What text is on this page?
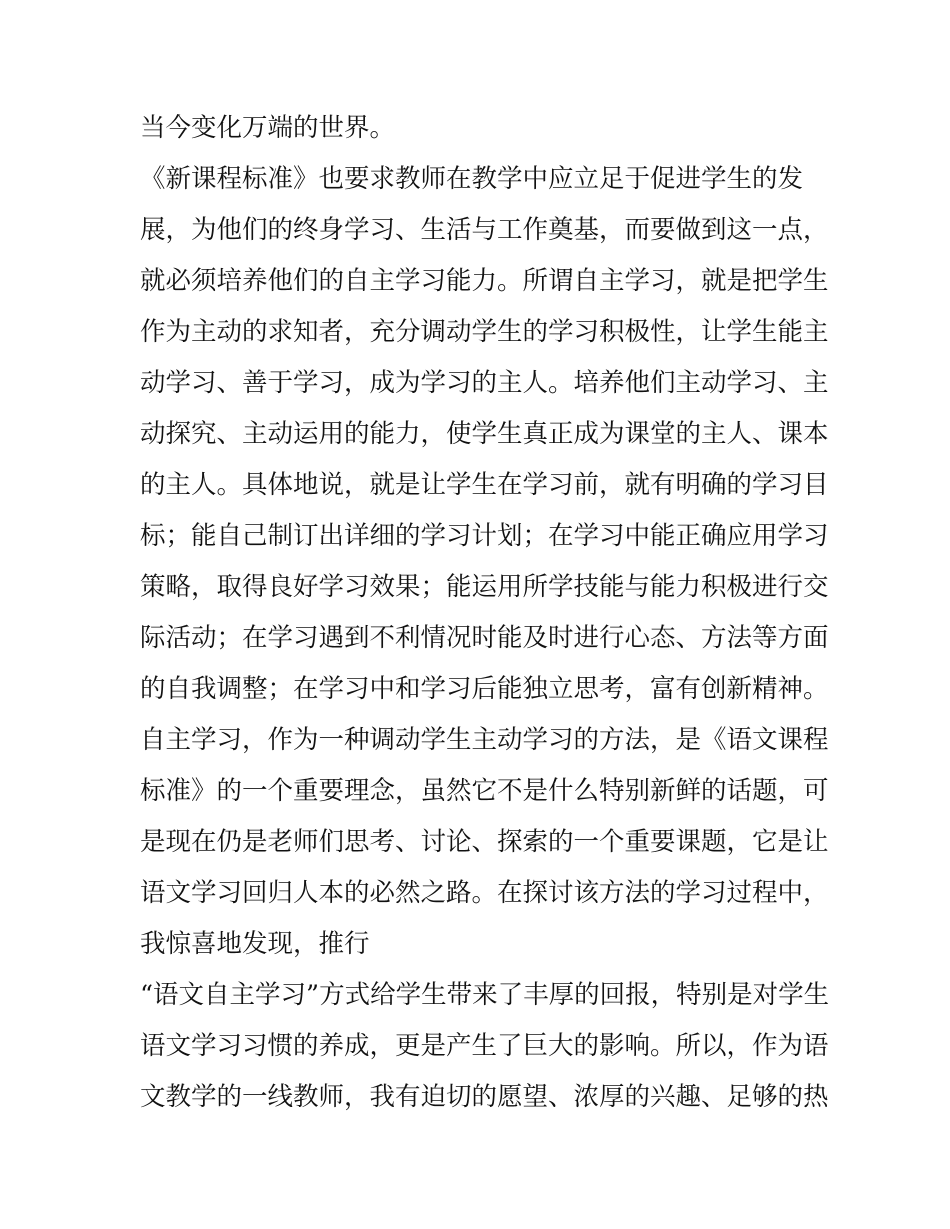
当今变化万端的世界。
《新课程标准》也要求教师在教学中应立足于促进学生的发
展，为他们的终身学习、生活与工作奠基，而要做到这一点，
就必须培养他们的自主学习能力。所谓自主学习，就是把学生
作为主动的求知者，充分调动学生的学习积极性，让学生能主
动学习、善于学习，成为学习的主人。培养他们主动学习、主
动探究、主动运用的能力，使学生真正成为课堂的主人、课本
的主人。具体地说，就是让学生在学习前，就有明确的学习目
标；能自己制订出详细的学习计划；在学习中能正确应用学习
策略，取得良好学习效果；能运用所学技能与能力积极进行交
际活动；在学习遇到不利情况时能及时进行心态、方法等方面
的自我调整；在学习中和学习后能独立思考，富有创新精神。
自主学习，作为一种调动学生主动学习的方法，是《语文课程
标准》的一个重要理念，虽然它不是什么特别新鲜的话题，可
是现在仍是老师们思考、讨论、探索的一个重要课题，它是让
语文学习回归人本的必然之路。在探讨该方法的学习过程中，
我惊喜地发现，推行
“语文自主学习”方式给学生带来了丰厚的回报，特别是对学生
语文学习习惯的养成，更是产生了巨大的影响。所以，作为语
文教学的一线教师，我有迫切的愿望、浓厚的兴趣、足够的热
